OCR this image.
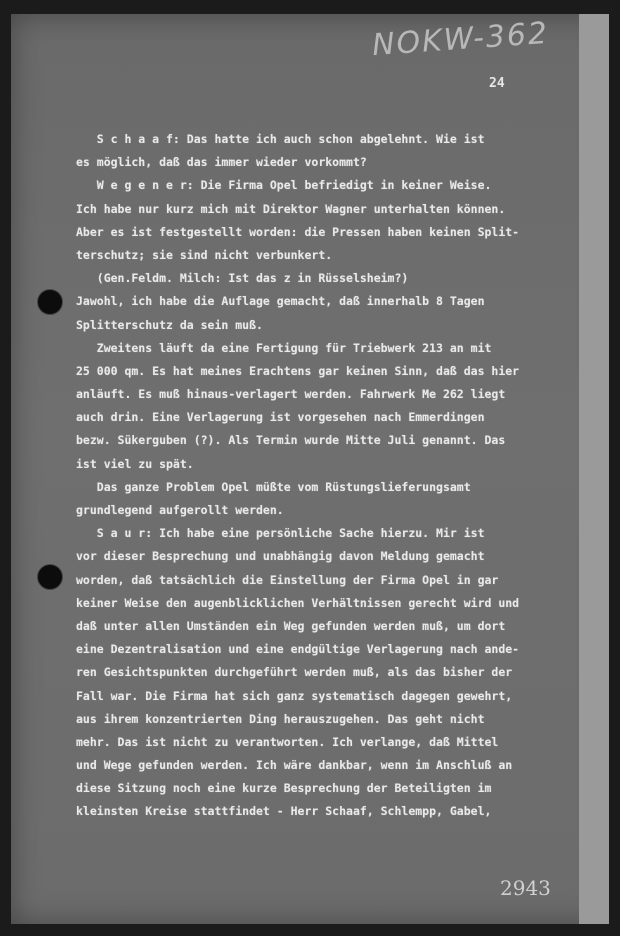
NOKW-362
24
S c h a a f: Das hatte ich auch schon abgelehnt. Wie ist
es möglich, daß das immer wieder vorkommt?
W e g e n e r: Die Firma Opel befriedigt in keiner Weise.
Ich habe nur kurz mich mit Direktor Wagner unterhalten können.
Aber es ist festgestellt worden: die Pressen haben keinen Split-
terschutz; sie sind nicht verbunkert.
(Gen.Feldm. Milch: Ist das z in Rüsselsheim?)
Jawohl, ich habe die Auflage gemacht, daß innerhalb 8 Tagen
Splitterschutz da sein muß.
Zweitens läuft da eine Fertigung für Triebwerk 213 an mit
25 000 qm. Es hat meines Erachtens gar keinen Sinn, daß das hier
anläuft. Es muß hinaus-verlagert werden. Fahrwerk Me 262 liegt
auch drin. Eine Verlagerung ist vorgesehen nach Emmerdingen
bezw. Sükerguben (?). Als Termin wurde Mitte Juli genannt. Das
ist viel zu spät.
Das ganze Problem Opel müßte vom Rüstungslieferungsamt
grundlegend aufgerollt werden.
S a u r: Ich habe eine persönliche Sache hierzu. Mir ist
vor dieser Besprechung und unabhängig davon Meldung gemacht
worden, daß tatsächlich die Einstellung der Firma Opel in gar
keiner Weise den augenblicklichen Verhältnissen gerecht wird und
daß unter allen Umständen ein Weg gefunden werden muß, um dort
eine Dezentralisation und eine endgültige Verlagerung nach ande-
ren Gesichtspunkten durchgeführt werden muß, als das bisher der
Fall war. Die Firma hat sich ganz systematisch dagegen gewehrt,
aus ihrem konzentrierten Ding herauszugehen. Das geht nicht
mehr. Das ist nicht zu verantworten. Ich verlange, daß Mittel
und Wege gefunden werden. Ich wäre dankbar, wenn im Anschluß an
diese Sitzung noch eine kurze Besprechung der Beteiligten im
kleinsten Kreise stattfindet - Herr Schaaf, Schlempp, Gabel,
2943
